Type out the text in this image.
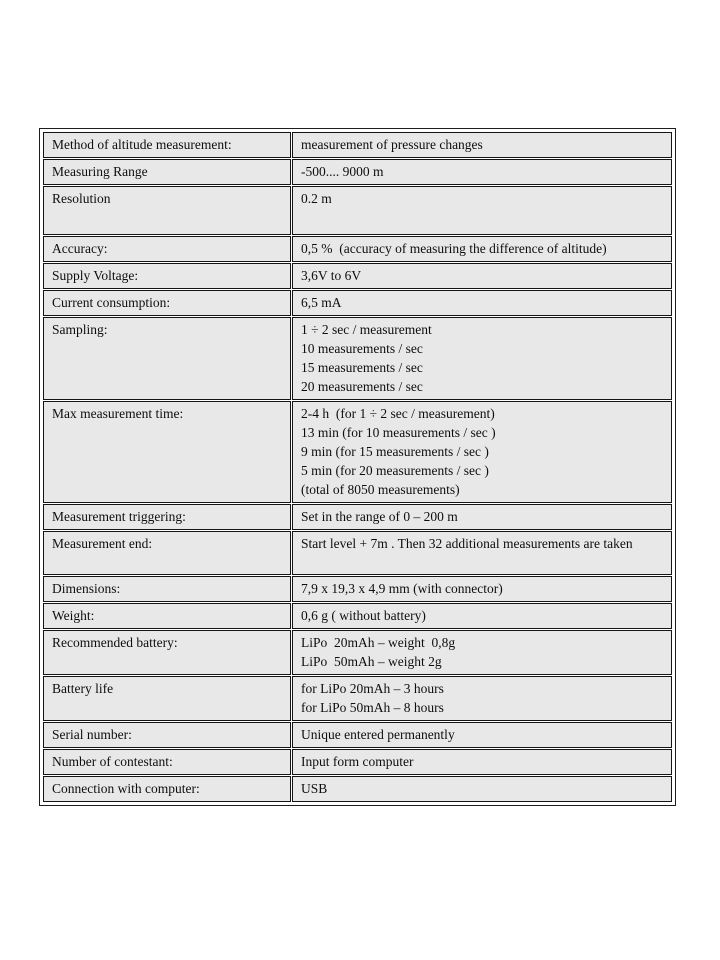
Method of altitude measurement:	measurement of pressure changes

Measuring Range	-500.... 9000 m

Resolution	0.2 m

Accuracy:	0,5 %  (accuracy of measuring the difference of altitude)

Supply Voltage:	3,6V to 6V

Current consumption:	6,5 mA

Sampling:	1 ÷ 2 sec / measurement
10 measurements / sec
15 measurements / sec
20 measurements / sec

Max measurement time:	2-4 h  (for 1 ÷ 2 sec / measurement)
13 min (for 10 measurements / sec )
9 min (for 15 measurements / sec )
5 min (for 20 measurements / sec )
(total of 8050 measurements)

Measurement triggering:	Set in the range of 0 – 200 m

Measurement end:	Start level + 7m . Then 32 additional measurements are taken

Dimensions:	7,9 x 19,3 x 4,9 mm (with connector)

Weight:	0,6 g ( without battery)

Recommended battery:	LiPo  20mAh – weight  0,8g
LiPo  50mAh – weight 2g

Battery life	for LiPo 20mAh – 3 hours
for LiPo 50mAh – 8 hours

Serial number:	Unique entered permanently

Number of contestant:	Input form computer

Connection with computer:	USB
